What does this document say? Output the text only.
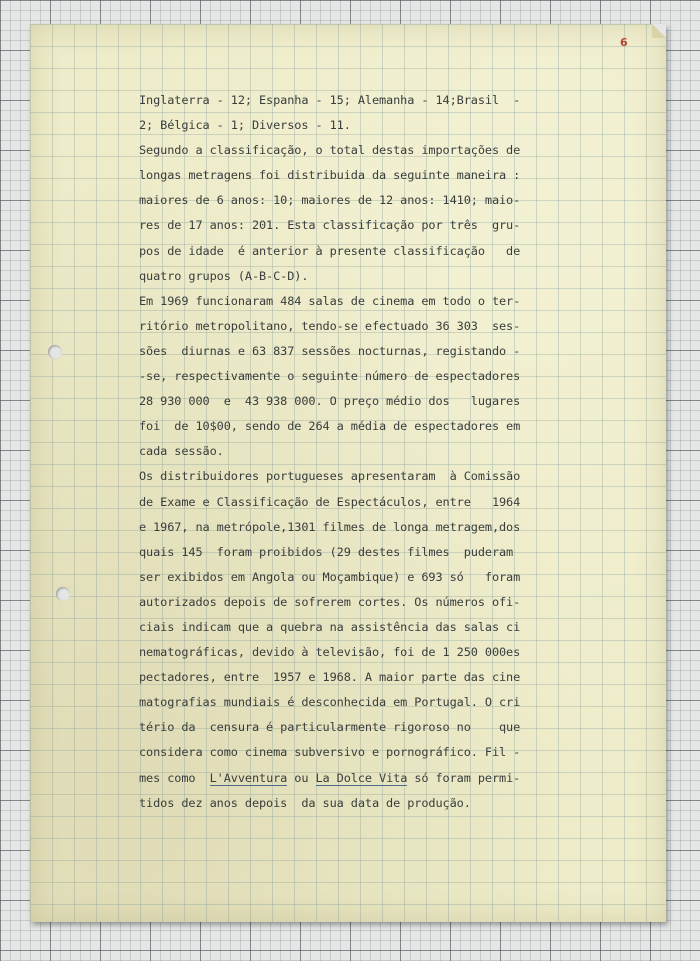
6
Inglaterra - 12; Espanha - 15; Alemanha - 14;Brasil  -
2; Bélgica - 1; Diversos - 11.
Segundo a classificação, o total destas importações de
longas metragens foi distribuida da seguinte maneira :
maiores de 6 anos: 10; maiores de 12 anos: 1410; maio-
res de 17 anos: 201. Esta classificação por três  gru-
pos de idade  é anterior à presente classificação   de
quatro grupos (A-B-C-D).
Em 1969 funcionaram 484 salas de cinema em todo o ter-
ritório metropolitano, tendo-se efectuado 36 303  ses-
sões  diurnas e 63 837 sessões nocturnas, registando -
-se, respectivamente o seguinte número de espectadores
28 930 000  e  43 938 000. O preço médio dos   lugares
foi  de 10$00, sendo de 264 a média de espectadores em
cada sessão.
Os distribuidores portugueses apresentaram  à Comissão
de Exame e Classificação de Espectáculos, entre   1964
e 1967, na metrópole,1301 filmes de longa metragem,dos
quais 145  foram proibidos (29 destes filmes  puderam
ser exibidos em Angola ou Moçambique) e 693 só   foram
autorizados depois de sofrerem cortes. Os números ofi-
ciais indicam que a quebra na assistência das salas ci
nematográficas, devido à televisão, foi de 1 250 000es
pectadores, entre  1957 e 1968. A maior parte das cine
matografias mundiais é desconhecida em Portugal. O cri
tério da  censura é particularmente rigoroso no    que
considera como cinema subversivo e pornográfico. Fil -
mes como  L'Avventura ou La Dolce Vita só foram permi-
tidos dez anos depois  da sua data de produção.
